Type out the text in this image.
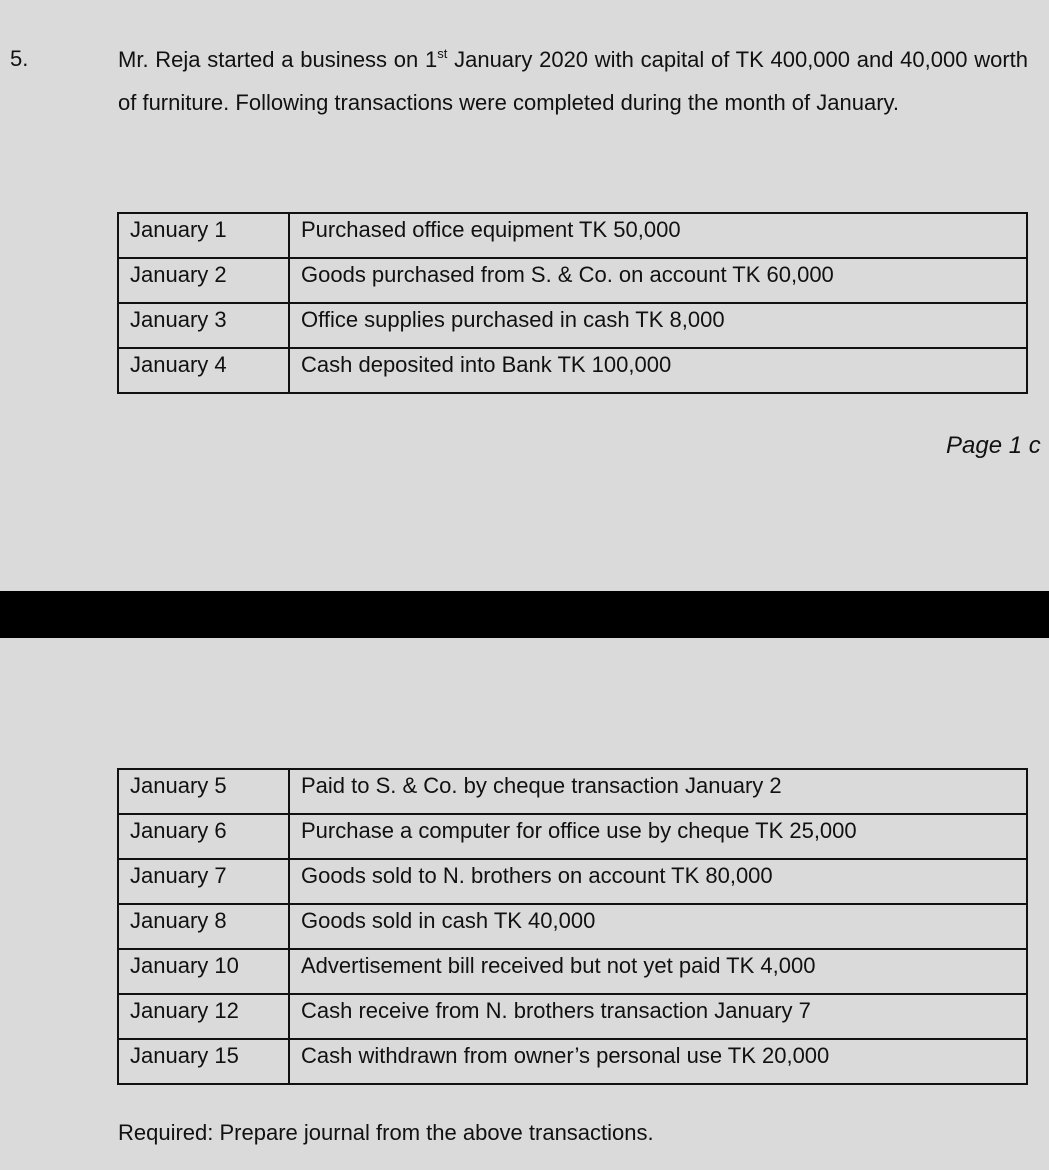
5.	Mr. Reja started a business on 1st January 2020 with capital of TK 400,000 and 40,000 worth of furniture. Following transactions were completed during the month of January.
January 1	Purchased office equipment TK 50,000
January 2	Goods purchased from S. & Co. on account TK 60,000
January 3	Office supplies purchased in cash TK 8,000
January 4	Cash deposited into Bank TK 100,000
Page 1 c
January 5	Paid to S. & Co. by cheque transaction January 2
January 6	Purchase a computer for office use by cheque TK 25,000
January 7	Goods sold to N. brothers on account TK 80,000
January 8	Goods sold in cash TK 40,000
January 10	Advertisement bill received but not yet paid TK 4,000
January 12	Cash receive from N. brothers transaction January 7
January 15	Cash withdrawn from owner’s personal use TK 20,000
Required: Prepare journal from the above transactions.
